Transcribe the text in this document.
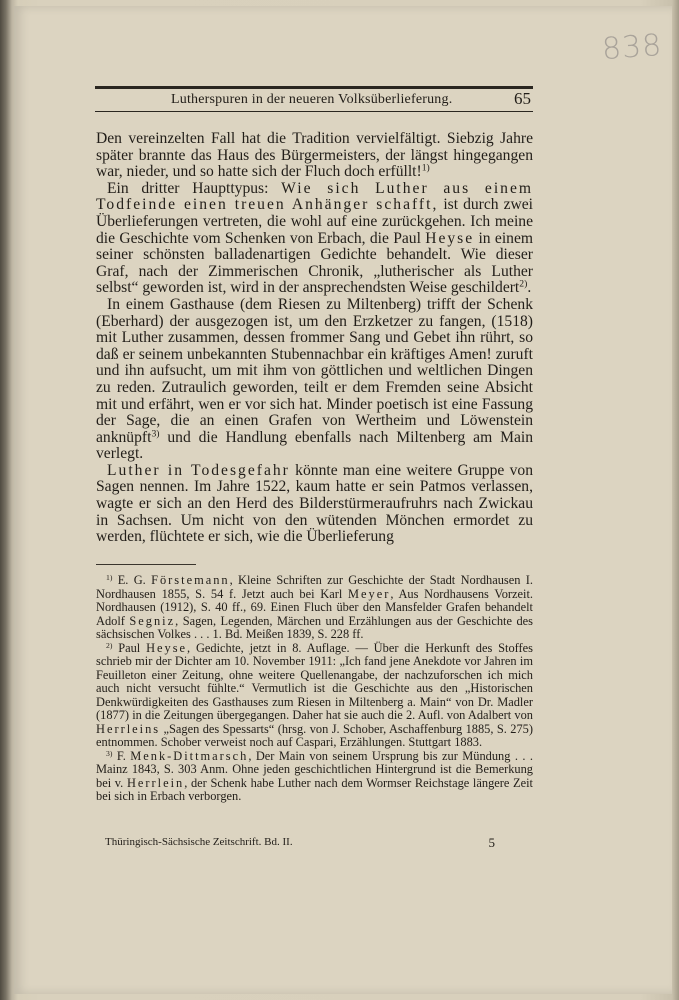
838
Lutherspuren in der neueren Volksüberlieferung.	65

Den vereinzelten Fall hat die Tradition vervielfältigt. Siebzig Jahre später brannte das Haus des Bürgermeisters, der längst hingegangen war, nieder, und so hatte sich der Fluch doch erfüllt!$^{1)}$

Ein dritter Haupttypus: Wie sich Luther aus einem Todfeinde einen treuen Anhänger schafft, ist durch zwei Überlieferungen vertreten, die wohl auf eine zurückgehen. Ich meine die Geschichte vom Schenken von Erbach, die Paul Heyse in einem seiner schönsten balladenartigen Gedichte behandelt. Wie dieser Graf, nach der Zimmerischen Chronik, „lutherischer als Luther selbst“ geworden ist, wird in der ansprechendsten Weise geschildert$^{2)}$.

In einem Gasthause (dem Riesen zu Miltenberg) trifft der Schenk (Eberhard) der ausgezogen ist, um den Erzketzer zu fangen, (1518) mit Luther zusammen, dessen frommer Sang und Gebet ihn rührt, so daß er seinem unbekannten Stubennachbar ein kräftiges Amen! zuruft und ihn aufsucht, um mit ihm von göttlichen und weltlichen Dingen zu reden. Zutraulich geworden, teilt er dem Fremden seine Absicht mit und erfährt, wen er vor sich hat. Minder poetisch ist eine Fassung der Sage, die an einen Grafen von Wertheim und Löwenstein anknüpft$^{3)}$ und die Handlung ebenfalls nach Miltenberg am Main verlegt.

Luther in Todesgefahr könnte man eine weitere Gruppe von Sagen nennen. Im Jahre 1522, kaum hatte er sein Patmos verlassen, wagte er sich an den Herd des Bilderstürmeraufruhrs nach Zwickau in Sachsen. Um nicht von den wütenden Mönchen ermordet zu werden, flüchtete er sich, wie die Überlieferung

$^{1)}$ E. G. Förstemann, Kleine Schriften zur Geschichte der Stadt Nordhausen I. Nordhausen 1855, S. 54 f. Jetzt auch bei Karl Meyer, Aus Nordhausens Vorzeit. Nordhausen (1912), S. 40 ff., 69. Einen Fluch über den Mansfelder Grafen behandelt Adolf Segniz, Sagen, Legenden, Märchen und Erzählungen aus der Geschichte des sächsischen Volkes . . . 1. Bd. Meißen 1839, S. 228 ff.

$^{2)}$ Paul Heyse, Gedichte, jetzt in 8. Auflage. — Über die Herkunft des Stoffes schrieb mir der Dichter am 10. November 1911: „Ich fand jene Anekdote vor Jahren im Feuilleton einer Zeitung, ohne weitere Quellenangabe, der nachzuforschen ich mich auch nicht versucht fühlte.“ Vermutlich ist die Geschichte aus den „Historischen Denkwürdigkeiten des Gasthauses zum Riesen in Miltenberg a. Main“ von Dr. Madler (1877) in die Zeitungen übergegangen. Daher hat sie auch die 2. Aufl. von Adalbert von Herrleins „Sagen des Spessarts“ (hrsg. von J. Schober, Aschaffenburg 1885, S. 275) entnommen. Schober verweist noch auf Caspari, Erzählungen. Stuttgart 1883.

$^{3)}$ F. Menk-Dittmarsch, Der Main von seinem Ursprung bis zur Mündung . . . Mainz 1843, S. 303 Anm. Ohne jeden geschichtlichen Hintergrund ist die Bemerkung bei v. Herrlein, der Schenk habe Luther nach dem Wormser Reichstage längere Zeit bei sich in Erbach verborgen.

Thüringisch-Sächsische Zeitschrift. Bd. II.	5
